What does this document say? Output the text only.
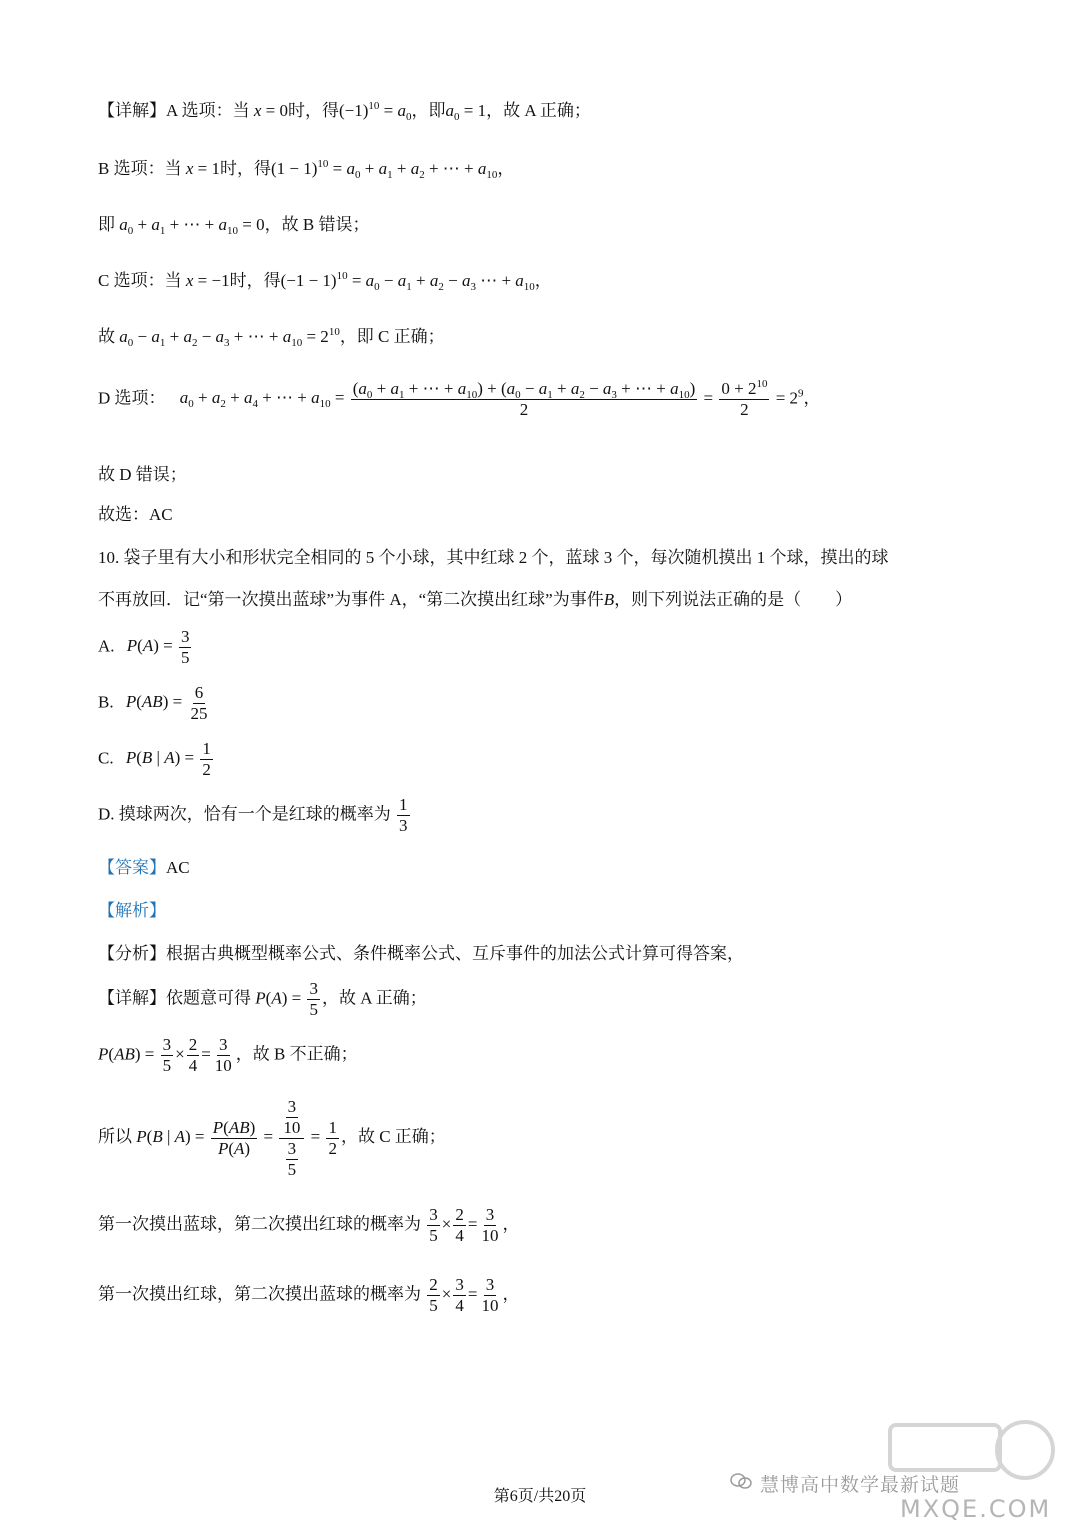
【详解】A 选项：当 x = 0时，得$(-1)^{10} = a_0$，即$a_0 = 1$，故 A 正确；
B 选项：当 x = 1时，得$(1 - 1)^{10} = a_0 + a_1 + a_2$ + ⋯ + $a_{10}$，
即 $a_0 + a_1$ + ⋯ + $a_{10} = 0$，故 B 错误；
C 选项：当 x = −1时，得$(-1 - 1)^{10} = a_0 - a_1 + a_2 - a_3$ ⋯ + $a_{10}$，
故 $a_0 - a_1 + a_2 - a_3$ + ⋯ + $a_{10} = 2^{10}$，即 C 正确；
D 选项： $a_0 + a_2 + a_4$ + ⋯ + $a_{10} = \frac{(a_0 + a_1 + \cdots + a_{10}) + (a_0 - a_1 + a_2 - a_3 + \cdots + a_{10})}{2} = \frac{0 + 2^{10}}{2} = 2^9$，
故 D 错误；
故选：AC
10. 袋子里有大小和形状完全相同的 5 个小球，其中红球 2 个，蓝球 3 个，每次随机摸出 1 个球，摸出的球
不再放回．记“第一次摸出蓝球”为事件 A，“第二次摸出红球”为事件B，则下列说法正确的是（　　）
A. $P(A) = \frac{3}{5}$
B. $P(AB) = \frac{6}{25}$
C. P(B | $A) = \frac{1}{2}$
D. 摸球两次，恰有一个是红球的概率为 $\frac{1}{3}$
【答案】AC
【解析】
【分析】根据古典概型概率公式、条件概率公式、互斥事件的加法公式计算可得答案，
【详解】依题意可得 $P(A) = \frac{3}{5}$ ，故 A 正确；
$P(AB) = \frac{3}{5} \times \frac{2}{4} = \frac{3}{10}$ ，故 B 不正确；
所以 P(B | $A) = \frac{P(AB)}{P(A)} = \frac{\frac{3}{10}}{\frac{3}{5}} = \frac{1}{2}$ ，故 C 正确；
第一次摸出蓝球，第二次摸出红球的概率为 $\frac{3}{5} \times \frac{2}{4} = \frac{3}{10}$ ，
第一次摸出红球，第二次摸出蓝球的概率为 $\frac{2}{5} \times \frac{3}{4} = \frac{3}{10}$ ，
MXQE.COM
慧博高中数学最新试题
第6页/共20页
